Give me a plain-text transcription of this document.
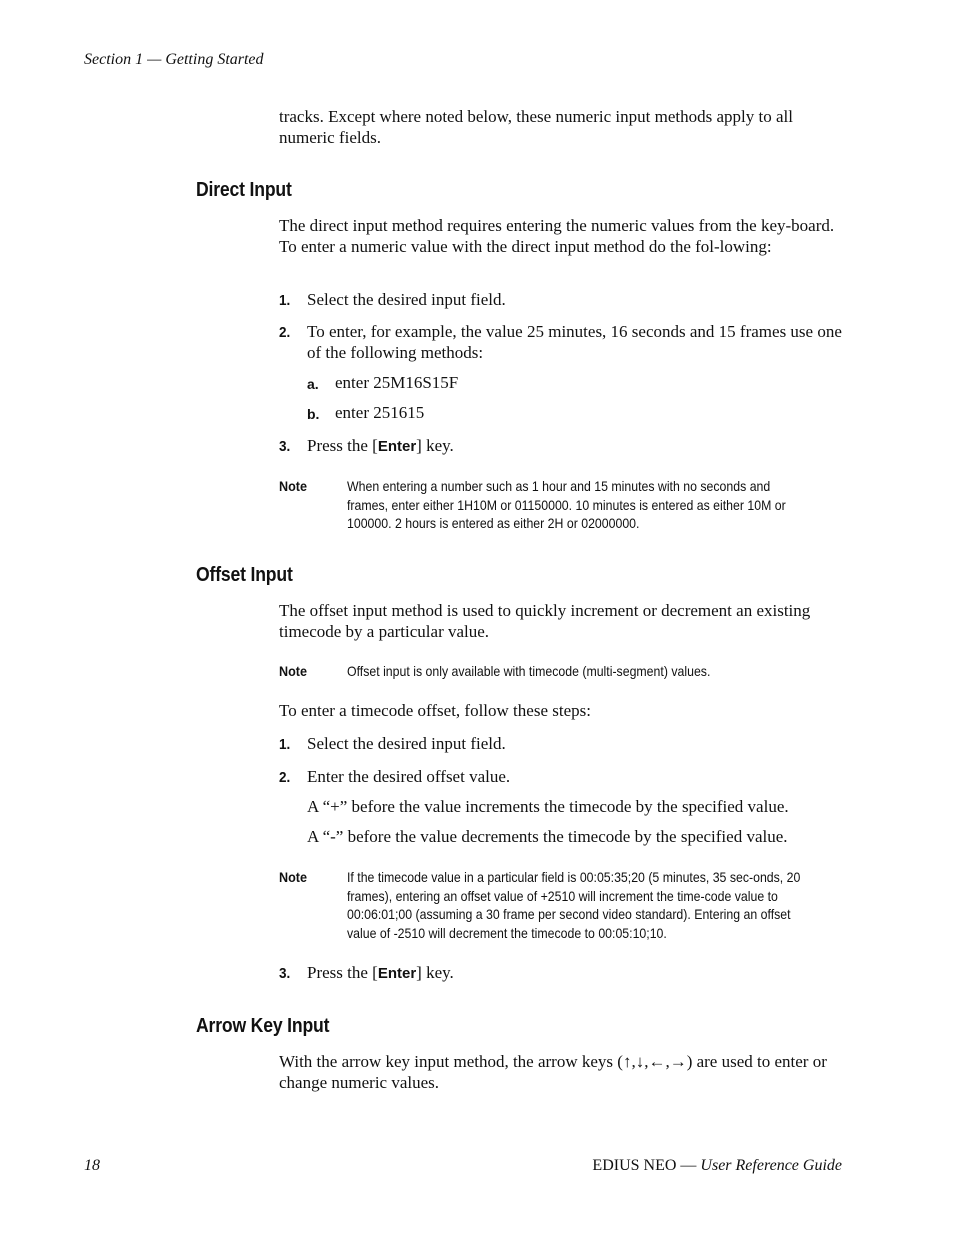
Section 1 — Getting Started
tracks. Except where noted below, these numeric input methods apply to all numeric fields.
Direct Input
The direct input method requires entering the numeric values from the key-board. To enter a numeric value with the direct input method do the fol-lowing:
1. Select the desired input field.
2. To enter, for example, the value 25 minutes, 16 seconds and 15 frames use one of the following methods:
a. enter 25M16S15F
b. enter 251615
3. Press the [Enter] key.
Note	When entering a number such as 1 hour and 15 minutes with no seconds and frames, enter either 1H10M or 01150000. 10 minutes is entered as either 10M or 100000. 2 hours is entered as either 2H or 02000000.
Offset Input
The offset input method is used to quickly increment or decrement an existing timecode by a particular value.
Note	Offset input is only available with timecode (multi-segment) values.
To enter a timecode offset, follow these steps:
1. Select the desired input field.
2. Enter the desired offset value.
A “+” before the value increments the timecode by the specified value.
A “-” before the value decrements the timecode by the specified value.
Note	If the timecode value in a particular field is 00:05:35;20 (5 minutes, 35 sec-onds, 20 frames), entering an offset value of +2510 will increment the time-code value to 00:06:01;00 (assuming a 30 frame per second video standard). Entering an offset value of -2510 will decrement the timecode to 00:05:10;10.
3. Press the [Enter] key.
Arrow Key Input
With the arrow key input method, the arrow keys (↑,↓,←,→) are used to enter or change numeric values.
18	EDIUS NEO — User Reference Guide
